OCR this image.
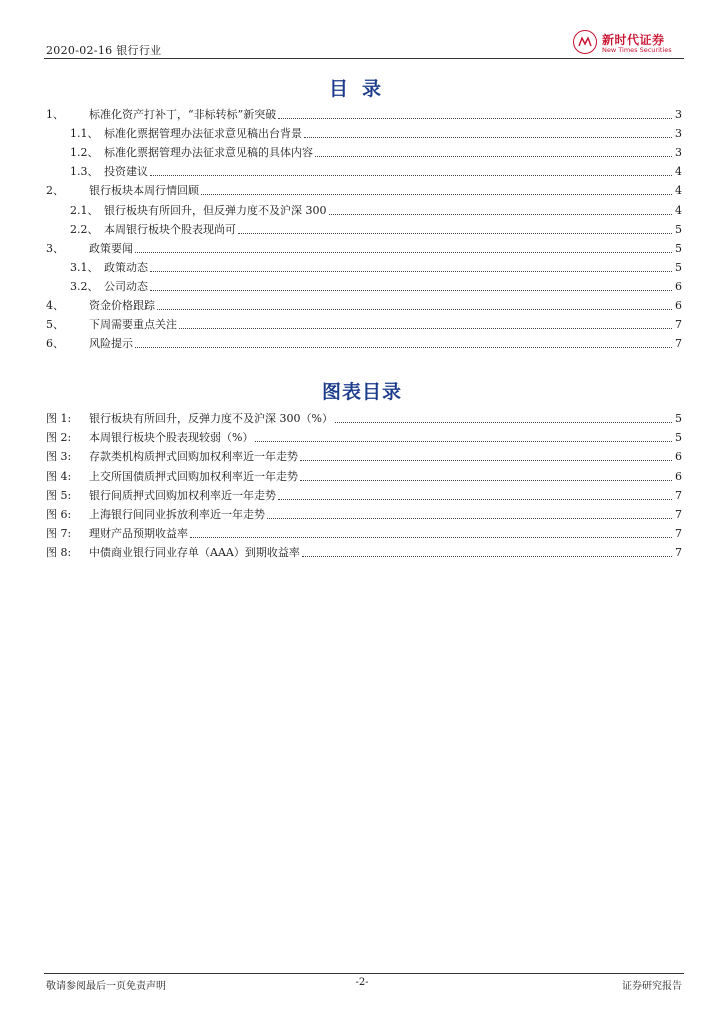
2020-02-16 银行行业
新时代证券
New Times Securities
目录
1、	标准化资产打补丁，“非标转标”新突破	3
1.1、 标准化票据管理办法征求意见稿出台背景	3
1.2、 标准化票据管理办法征求意见稿的具体内容	3
1.3、 投资建议	4
2、	银行板块本周行情回顾	4
2.1、 银行板块有所回升，但反弹力度不及沪深 300	4
2.2、 本周银行板块个股表现尚可	5
3、	政策要闻	5
3.1、 政策动态	5
3.2、 公司动态	6
4、	资金价格跟踪	6
5、	下周需要重点关注	7
6、	风险提示	7
图表目录
图 1:	银行板块有所回升，反弹力度不及沪深 300（%）	5
图 2:	本周银行板块个股表现较弱（%）	5
图 3:	存款类机构质押式回购加权利率近一年走势	6
图 4:	上交所国债质押式回购加权利率近一年走势	6
图 5:	银行间质押式回购加权利率近一年走势	7
图 6:	上海银行间同业拆放利率近一年走势	7
图 7:	理财产品预期收益率	7
图 8:	中债商业银行同业存单（AAA）到期收益率	7
敬请参阅最后一页免责声明	-2-	证券研究报告
